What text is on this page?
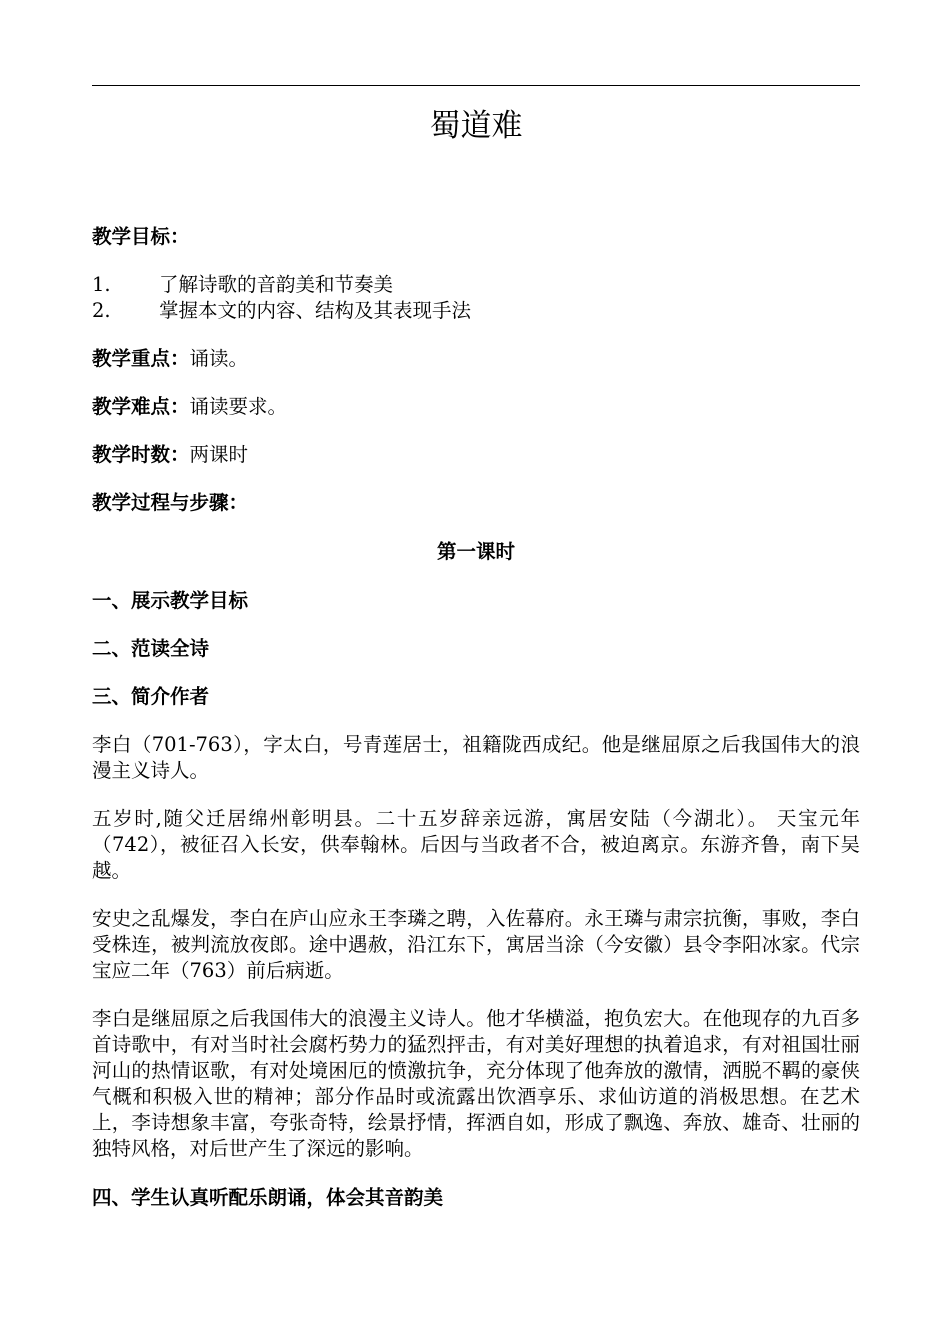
蜀道难
教学目标：
1. 了解诗歌的音韵美和节奏美
2. 掌握本文的内容、结构及其表现手法
教学重点：诵读。
教学难点：诵读要求。
教学时数：两课时
教学过程与步骤：
第一课时
一、展示教学目标
二、范读全诗
三、简介作者

李白（701-763），字太白，号青莲居士，祖籍陇西成纪。他是继屈原之后我国伟大的浪漫主义诗人。

五岁时,随父迁居绵州彰明县。二十五岁辞亲远游，寓居安陆（今湖北）。 天宝元年（742），被征召入长安，供奉翰林。后因与当政者不合，被迫离京。东游齐鲁，南下吴越。

安史之乱爆发，李白在庐山应永王李璘之聘，入佐幕府。永王璘与肃宗抗衡，事败，李白受株连，被判流放夜郎。途中遇赦，沿江东下，寓居当涂（今安徽）县令李阳冰家。代宗宝应二年（763）前后病逝。

李白是继屈原之后我国伟大的浪漫主义诗人。他才华横溢，抱负宏大。在他现存的九百多首诗歌中，有对当时社会腐朽势力的猛烈抨击，有对美好理想的执着追求，有对祖国壮丽河山的热情讴歌，有对处境困厄的愤激抗争，充分体现了他奔放的激情，洒脱不羁的豪侠气概和积极入世的精神；部分作品时或流露出饮酒享乐、求仙访道的消极思想。在艺术上，李诗想象丰富，夸张奇特，绘景抒情，挥洒自如，形成了飘逸、奔放、雄奇、壮丽的独特风格，对后世产生了深远的影响。

四、学生认真听配乐朗诵，体会其音韵美
